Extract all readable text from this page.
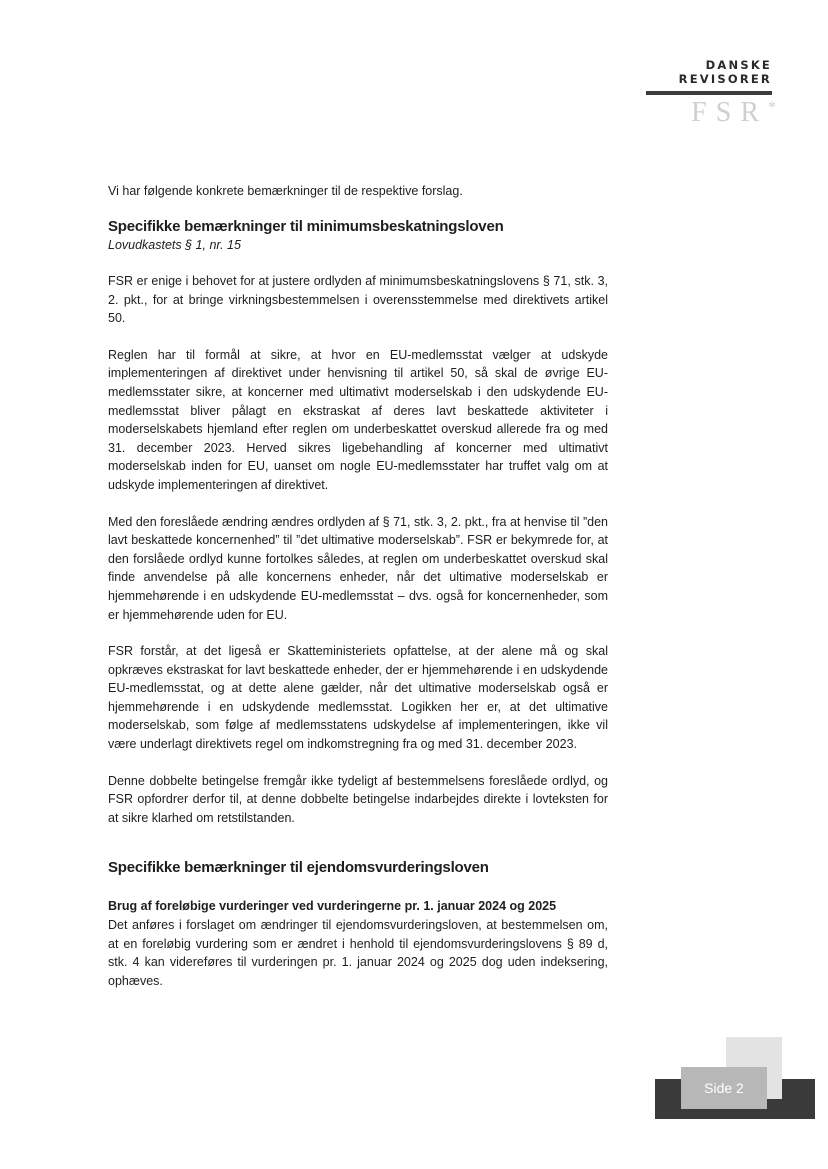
DANSKE
REVISORER
FSR*

Vi har følgende konkrete bemærkninger til de respektive forslag.

Specifikke bemærkninger til minimumsbeskatningsloven

Lovudkastets § 1, nr. 15

FSR er enige i behovet for at justere ordlyden af minimumsbeskatningslovens § 71, stk. 3, 2. pkt., for at bringe virkningsbestemmelsen i overensstemmelse med direktivets artikel 50.

Reglen har til formål at sikre, at hvor en EU-medlemsstat vælger at udskyde implementeringen af direktivet under henvisning til artikel 50, så skal de øvrige EU-medlemsstater sikre, at koncerner med ultimativt moderselskab i den udskydende EU-medlemsstat bliver pålagt en ekstraskat af deres lavt beskattede aktiviteter i moderselskabets hjemland efter reglen om underbeskattet overskud allerede fra og med 31. december 2023. Herved sikres ligebehandling af koncerner med ultimativt moderselskab inden for EU, uanset om nogle EU-medlemsstater har truffet valg om at udskyde implementeringen af direktivet.

Med den foreslåede ændring ændres ordlyden af § 71, stk. 3, 2. pkt., fra at henvise til ”den lavt beskattede koncernenhed” til ”det ultimative moderselskab”. FSR er bekymrede for, at den forslåede ordlyd kunne fortolkes således, at reglen om underbeskattet overskud skal finde anvendelse på alle koncernens enheder, når det ultimative moderselskab er hjemmehørende i en udskydende EU-medlemsstat – dvs. også for koncernenheder, som er hjemmehørende uden for EU.

FSR forstår, at det ligeså er Skatteministeriets opfattelse, at der alene må og skal opkræves ekstraskat for lavt beskattede enheder, der er hjemmehørende i en udskydende EU-medlemsstat, og at dette alene gælder, når det ultimative moderselskab også er hjemmehørende i en udskydende medlemsstat. Logikken her er, at det ultimative moderselskab, som følge af medlemsstatens udskydelse af implementeringen, ikke vil være underlagt direktivets regel om indkomstregning fra og med 31. december 2023.

Denne dobbelte betingelse fremgår ikke tydeligt af bestemmelsens foreslåede ordlyd, og FSR opfordrer derfor til, at denne dobbelte betingelse indarbejdes direkte i lovteksten for at sikre klarhed om retstilstanden.

Specifikke bemærkninger til ejendomsvurderingsloven

Brug af foreløbige vurderinger ved vurderingerne pr. 1. januar 2024 og 2025

Det anføres i forslaget om ændringer til ejendomsvurderingsloven, at bestemmelsen om, at en foreløbig vurdering som er ændret i henhold til ejendomsvurderingslovens § 89 d, stk. 4 kan videreføres til vurderingen pr. 1. januar 2024 og 2025 dog uden indeksering, ophæves.

Side 2
